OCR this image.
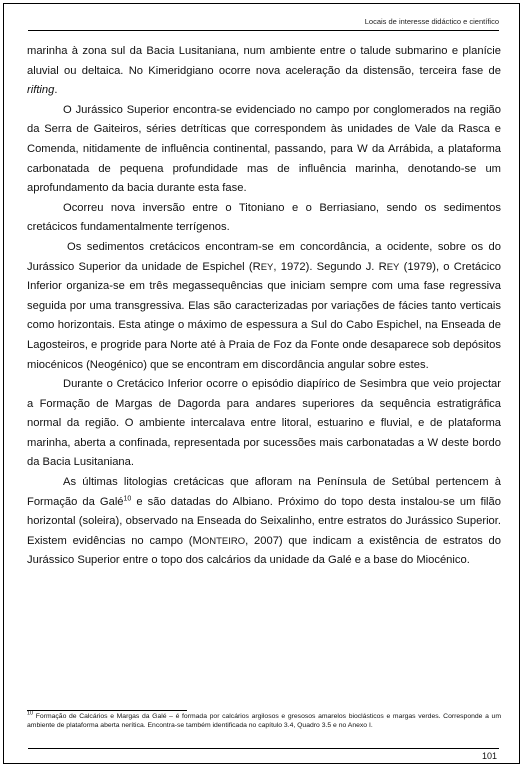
Locais de interesse didáctico e científico

marinha à zona sul da Bacia Lusitaniana, num ambiente entre o talude submarino e planície aluvial ou deltaica. No Kimeridgiano ocorre nova aceleração da distensão, terceira fase de rifting.

O Jurássico Superior encontra-se evidenciado no campo por conglomerados na região da Serra de Gaiteiros, séries detríticas que correspondem às unidades de Vale da Rasca e Comenda, nitidamente de influência continental, passando, para W da Arrábida, a plataforma carbonatada de pequena profundidade mas de influência marinha, denotando-se um aprofundamento da bacia durante esta fase.

Ocorreu nova inversão entre o Titoniano e o Berriasiano, sendo os sedimentos cretácicos fundamentalmente terrígenos.

Os sedimentos cretácicos encontram-se em concordância, a ocidente, sobre os do Jurássico Superior da unidade de Espichel (REY, 1972). Segundo J. REY (1979), o Cretácico Inferior organiza-se em três megassequências que iniciam sempre com uma fase regressiva seguida por uma transgressiva. Elas são caracterizadas por variações de fácies tanto verticais como horizontais. Esta atinge o máximo de espessura a Sul do Cabo Espichel, na Enseada de Lagosteiros, e progride para Norte até à Praia de Foz da Fonte onde desaparece sob depósitos miocénicos (Neogénico) que se encontram em discordância angular sobre estes.

Durante o Cretácico Inferior ocorre o episódio diapírico de Sesimbra que veio projectar a Formação de Margas de Dagorda para andares superiores da sequência estratigráfica normal da região. O ambiente intercalava entre litoral, estuarino e fluvial, e de plataforma marinha, aberta a confinada, representada por sucessões mais carbonatadas a W deste bordo da Bacia Lusitaniana.

As últimas litologias cretácicas que afloram na Península de Setúbal pertencem à Formação da Galé$^{10}$ e são datadas do Albiano. Próximo do topo desta instalou-se um filão horizontal (soleira), observado na Enseada do Seixalinho, entre estratos do Jurássico Superior. Existem evidências no campo (MONTEIRO, 2007) que indicam a existência de estratos do Jurássico Superior entre o topo dos calcários da unidade da Galé e a base do Miocénico.

$^{10}$ Formação de Calcários e Margas da Galé – é formada por calcários argilosos e gresosos amarelos bioclásticos e margas verdes. Corresponde a um ambiente de plataforma aberta nerítica. Encontra-se também identificada no capítulo 3.4, Quadro 3.5 e no Anexo I.
101
